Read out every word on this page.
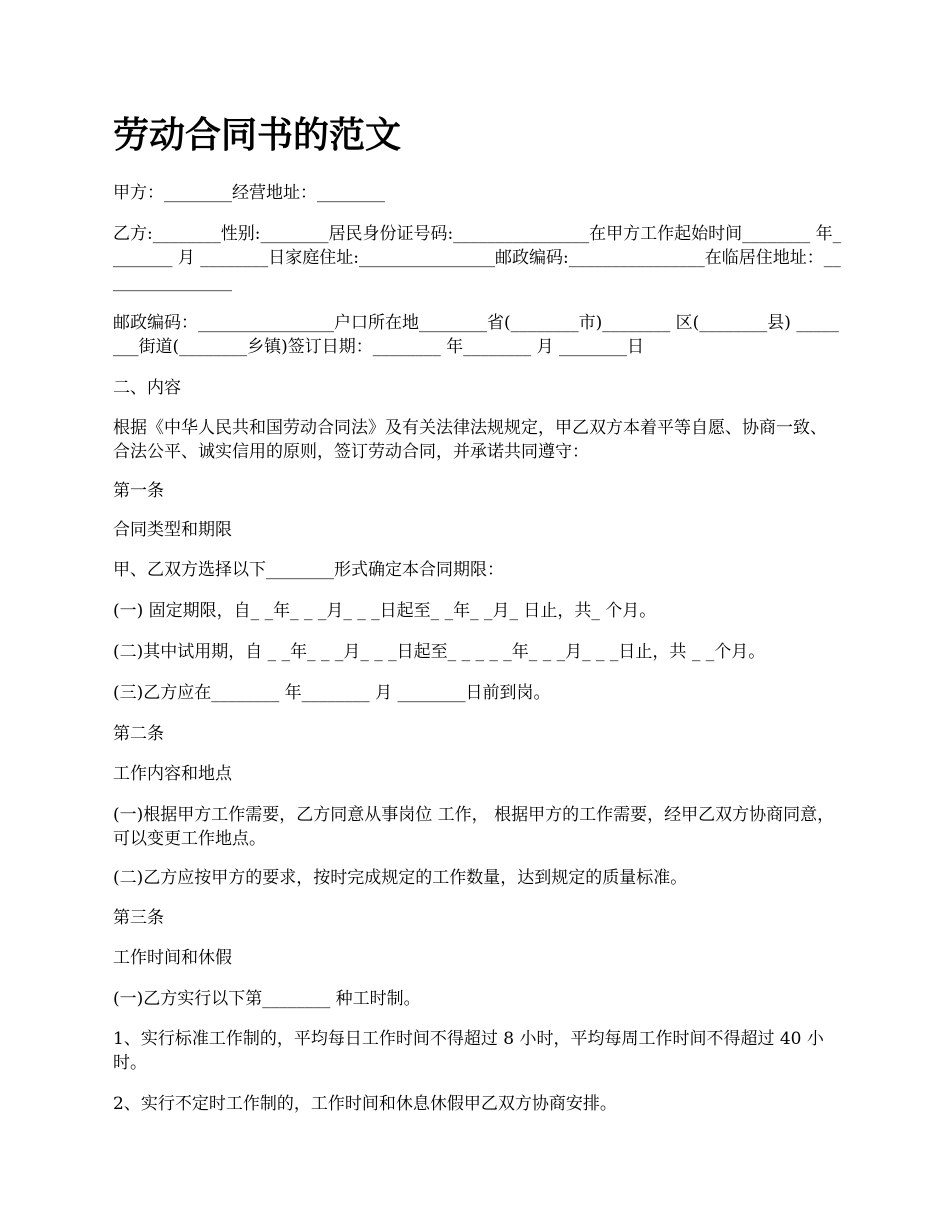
劳动合同书的范文

甲方：________经营地址：________

乙方:________性别:________居民身份证号码:________________在甲方工作起始时间________ 年________ 月 ________日家庭住址:________________邮政编码:________________在临居住地址：________________

邮政编码：________________户口所在地________省(________市)________ 区(________县) ________街道(________乡镇)签订日期：________ 年________ 月 ________日

二、内容

根据《中华人民共和国劳动合同法》及有关法律法规规定，甲乙双方本着平等自愿、协商一致、合法公平、诚实信用的原则，签订劳动合同，并承诺共同遵守：

第一条

合同类型和期限

甲、乙双方选择以下________形式确定本合同期限：

(一) 固定期限，自_ _年_ _ _月_ _ _日起至_ _年_ _月_ 日止，共_ 个月。

(二)其中试用期，自 _ _年_ _ _月_ _ _日起至_ _ _ _ _年_ _ _月_ _ _日止，共 _ _个月。

(三)乙方应在________ 年________ 月 ________日前到岗。

第二条

工作内容和地点

(一)根据甲方工作需要，乙方同意从事岗位 工作， 根据甲方的工作需要，经甲乙双方协商同意，可以变更工作地点。

(二)乙方应按甲方的要求，按时完成规定的工作数量，达到规定的质量标准。

第三条

工作时间和休假

(一)乙方实行以下第________ 种工时制。

1、实行标准工作制的，平均每日工作时间不得超过 8 小时，平均每周工作时间不得超过 40 小时。

2、实行不定时工作制的，工作时间和休息休假甲乙双方协商安排。
